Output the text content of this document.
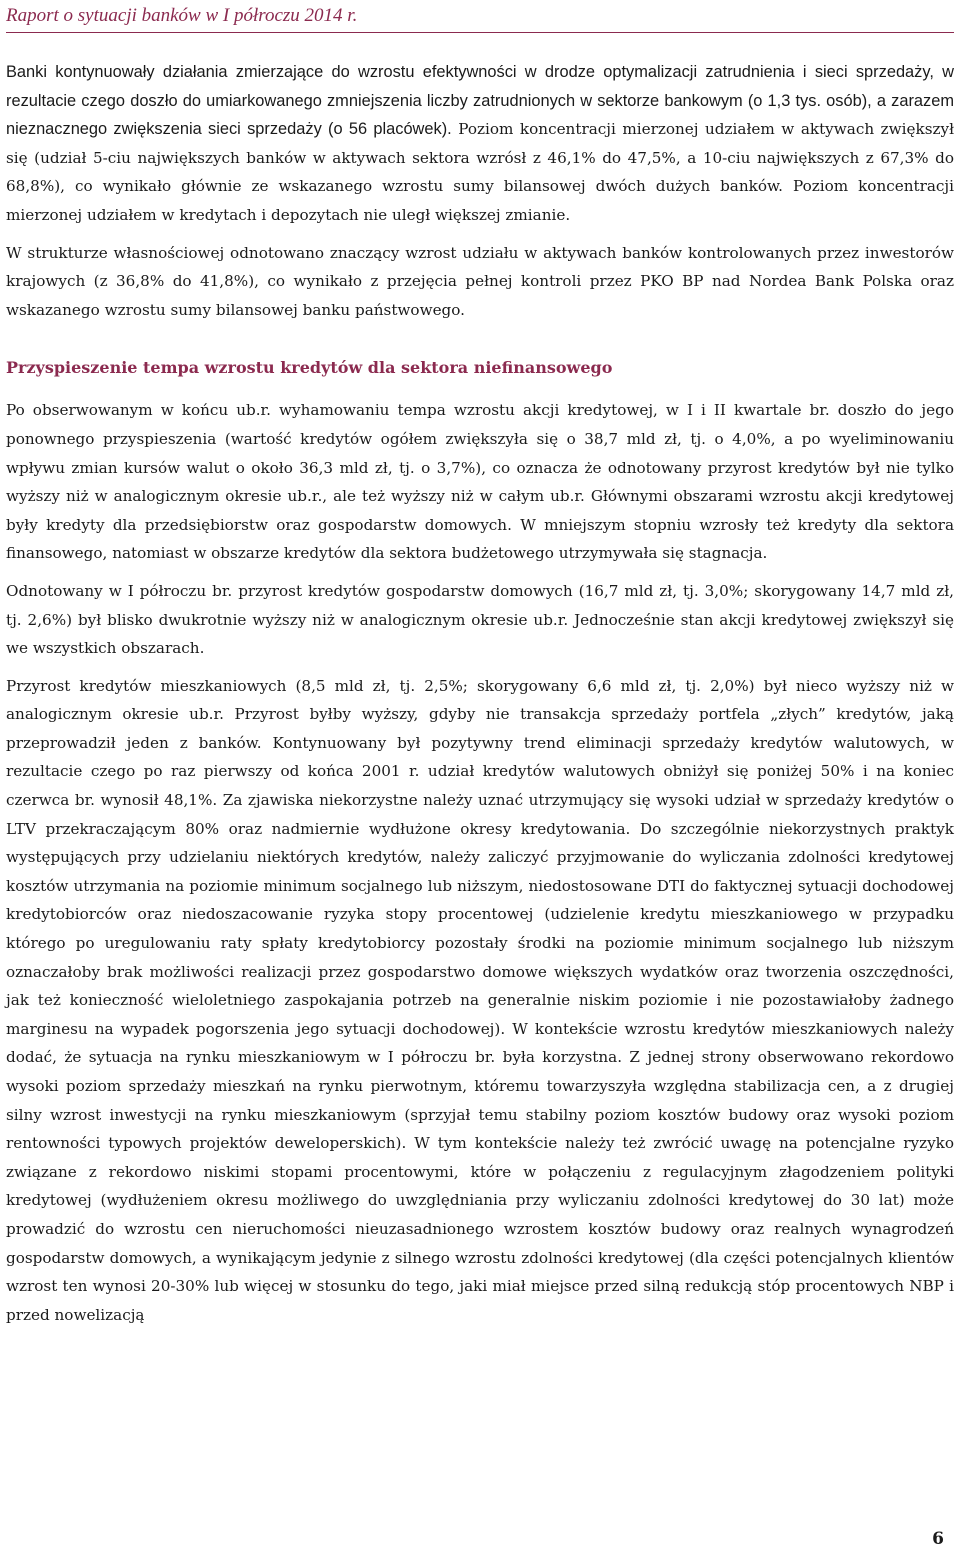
Raport o sytuacji banków w I półroczu 2014 r.

Banki kontynuowały działania zmierzające do wzrostu efektywności w drodze optymalizacji zatrudnienia i sieci sprzedaży, w rezultacie czego doszło do umiarkowanego zmniejszenia liczby zatrudnionych w sektorze bankowym (o 1,3 tys. osób), a zarazem nieznacznego zwiększenia sieci sprzedaży (o 56 placówek). Poziom koncentracji mierzonej udziałem w aktywach zwiększył się (udział 5-ciu największych banków w aktywach sektora wzrósł z 46,1% do 47,5%, a 10-ciu największych z 67,3% do 68,8%), co wynikało głównie ze wskazanego wzrostu sumy bilansowej dwóch dużych banków. Poziom koncentracji mierzonej udziałem w kredytach i depozytach nie uległ większej zmianie.

W strukturze własnościowej odnotowano znaczący wzrost udziału w aktywach banków kontrolowanych przez inwestorów krajowych (z 36,8% do 41,8%), co wynikało z przejęcia pełnej kontroli przez PKO BP nad Nordea Bank Polska oraz wskazanego wzrostu sumy bilansowej banku państwowego.

Przyspieszenie tempa wzrostu kredytów dla sektora niefinansowego

Po obserwowanym w końcu ub.r. wyhamowaniu tempa wzrostu akcji kredytowej, w I i II kwartale br. doszło do jego ponownego przyspieszenia (wartość kredytów ogółem zwiększyła się o 38,7 mld zł, tj. o 4,0%, a po wyeliminowaniu wpływu zmian kursów walut o około 36,3 mld zł, tj. o 3,7%), co oznacza że odnotowany przyrost kredytów był nie tylko wyższy niż w analogicznym okresie ub.r., ale też wyższy niż w całym ub.r. Głównymi obszarami wzrostu akcji kredytowej były kredyty dla przedsiębiorstw oraz gospodarstw domowych. W mniejszym stopniu wzrosły też kredyty dla sektora finansowego, natomiast w obszarze kredytów dla sektora budżetowego utrzymywała się stagnacja.

Odnotowany w I półroczu br. przyrost kredytów gospodarstw domowych (16,7 mld zł, tj. 3,0%; skorygowany 14,7 mld zł, tj. 2,6%) był blisko dwukrotnie wyższy niż w analogicznym okresie ub.r. Jednocześnie stan akcji kredytowej zwiększył się we wszystkich obszarach.

Przyrost kredytów mieszkaniowych (8,5 mld zł, tj. 2,5%; skorygowany 6,6 mld zł, tj. 2,0%) był nieco wyższy niż w analogicznym okresie ub.r. Przyrost byłby wyższy, gdyby nie transakcja sprzedaży portfela „złych” kredytów, jaką przeprowadził jeden z banków. Kontynuowany był pozytywny trend eliminacji sprzedaży kredytów walutowych, w rezultacie czego po raz pierwszy od końca 2001 r. udział kredytów walutowych obniżył się poniżej 50% i na koniec czerwca br. wynosił 48,1%. Za zjawiska niekorzystne należy uznać utrzymujący się wysoki udział w sprzedaży kredytów o LTV przekraczającym 80% oraz nadmiernie wydłużone okresy kredytowania. Do szczególnie niekorzystnych praktyk występujących przy udzielaniu niektórych kredytów, należy zaliczyć przyjmowanie do wyliczania zdolności kredytowej kosztów utrzymania na poziomie minimum socjalnego lub niższym, niedostosowane DTI do faktycznej sytuacji dochodowej kredytobiorców oraz niedoszacowanie ryzyka stopy procentowej (udzielenie kredytu mieszkaniowego w przypadku którego po uregulowaniu raty spłaty kredytobiorcy pozostały środki na poziomie minimum socjalnego lub niższym oznaczałoby brak możliwości realizacji przez gospodarstwo domowe większych wydatków oraz tworzenia oszczędności, jak też konieczność wieloletniego zaspokajania potrzeb na generalnie niskim poziomie i nie pozostawiałoby żadnego marginesu na wypadek pogorszenia jego sytuacji dochodowej). W kontekście wzrostu kredytów mieszkaniowych należy dodać, że sytuacja na rynku mieszkaniowym w I półroczu br. była korzystna. Z jednej strony obserwowano rekordowo wysoki poziom sprzedaży mieszkań na rynku pierwotnym, któremu towarzyszyła względna stabilizacja cen, a z drugiej silny wzrost inwestycji na rynku mieszkaniowym (sprzyjał temu stabilny poziom kosztów budowy oraz wysoki poziom rentowności typowych projektów deweloperskich). W tym kontekście należy też zwrócić uwagę na potencjalne ryzyko związane z rekordowo niskimi stopami procentowymi, które w połączeniu z regulacyjnym złagodzeniem polityki kredytowej (wydłużeniem okresu możliwego do uwzględniania przy wyliczaniu zdolności kredytowej do 30 lat) może prowadzić do wzrostu cen nieruchomości nieuzasadnionego wzrostem kosztów budowy oraz realnych wynagrodzeń gospodarstw domowych, a wynikającym jedynie z silnego wzrostu zdolności kredytowej (dla części potencjalnych klientów wzrost ten wynosi 20-30% lub więcej w stosunku do tego, jaki miał miejsce przed silną redukcją stóp procentowych NBP i przed nowelizacją

6
